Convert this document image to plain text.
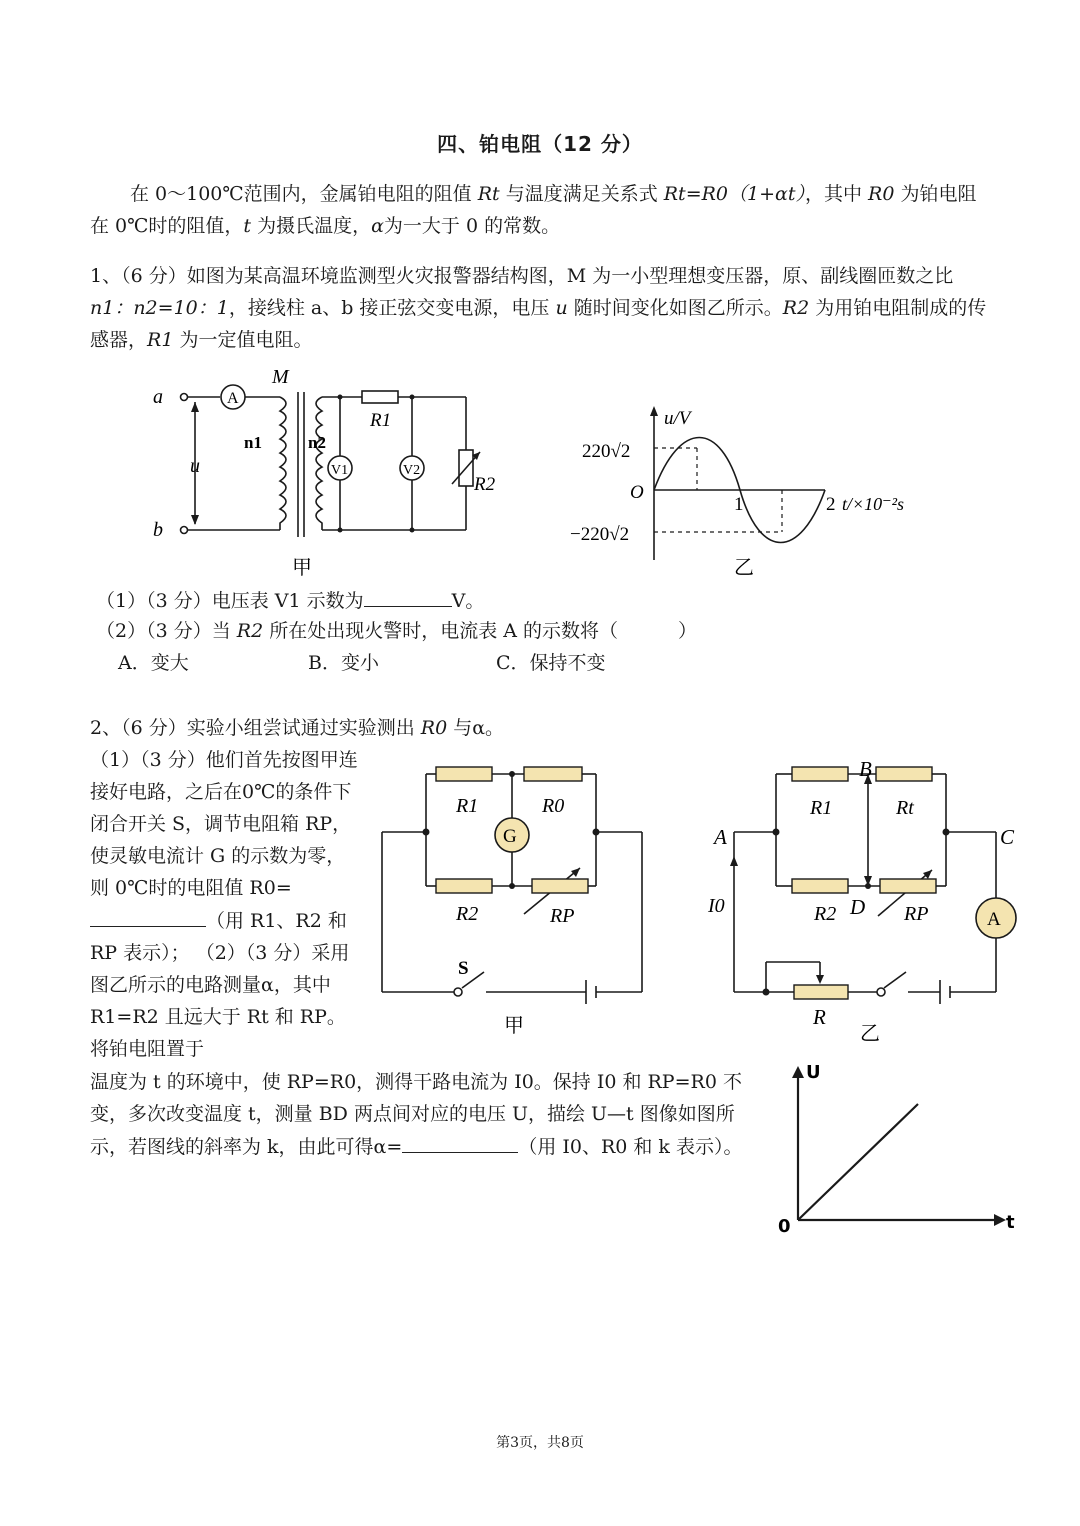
四、铂电阻（12 分）
在 0～100℃范围内，金属铂电阻的阻值 Rt 与温度满足关系式 Rt=R0（1+αt），其中 R0 为铂电阻在 0℃时的阻值，t 为摄氏温度，α为一大于 0 的常数。
1、（6 分）如图为某高温环境监测型火灾报警器结构图，M 为一小型理想变压器，原、副线圈匝数之比 n1：n2=10：1，接线柱 a、b 接正弦交变电源，电压 u 随时间变化如图乙所示。R2 为用铂电阻制成的传感器，R1 为一定值电阻。
a
b
u
A
M
n1	n2
V1	V2
R1
R2
甲
u/V
220√2
−220√2
O
1	2 t/×10⁻²s
乙
（1）（3 分）电压表 V1 示数为	V。
（2）（3 分）当 R2 所在处出现火警时，电流表 A 的示数将（	）
A．变大	B．变小	C．保持不变
2、（6 分）实验小组尝试通过实验测出 R0 与α。
（1）（3 分）他们首先按图甲连接好电路，之后在0℃的条件下闭合开关 S，调节电阻箱 RP，使灵敏电流计 G 的示数为零，则 0℃时的电阻值 R0=（用 R1、R2 和 RP 表示）； （2）（3 分）采用图乙所示的电路测量α，其中 R1=R2 且远大于 Rt 和 RP。将铂电阻置于
温度为 t 的环境中，使 RP=R0，测得干路电流为 I0。保持 I0 和 RP=R0 不变，多次改变温度 t，测量 BD 两点间对应的电压 U，描绘 U—t 图像如图所示，若图线的斜率为 k，由此可得α=	（用 I0、R0 和 k 表示）。
R1	R0
G
R2	RP
S
甲
A
B
C
D
R1	Rt
R2	RP
I0
A
R
乙
U
t
0
第3页，共8页
